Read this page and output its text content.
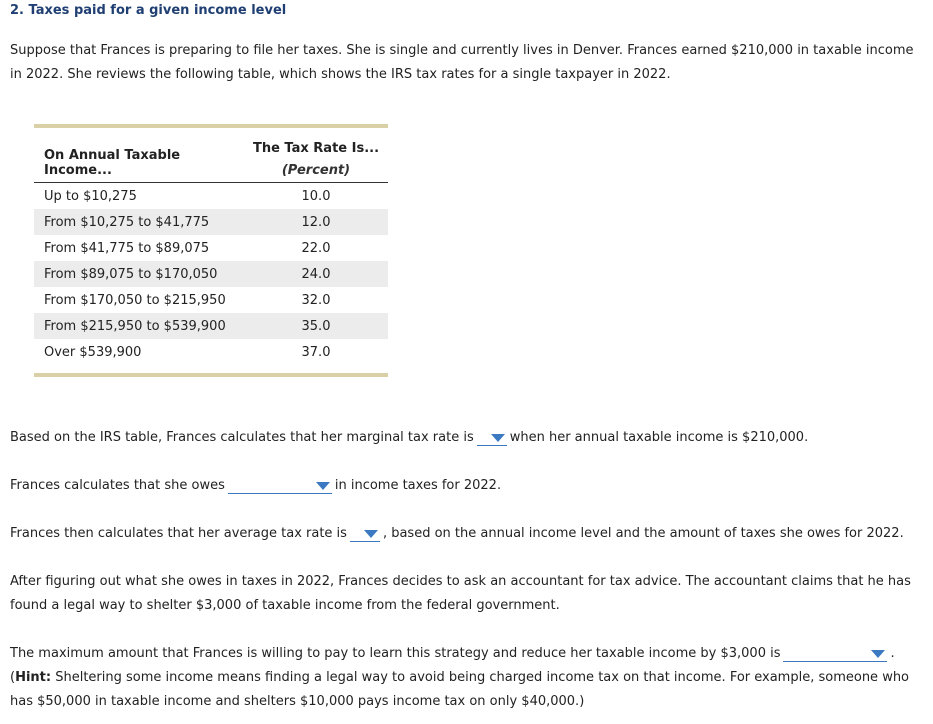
2. Taxes paid for a given income level
Suppose that Frances is preparing to file her taxes. She is single and currently lives in Denver. Frances earned $210,000 in taxable income in 2022. She reviews the following table, which shows the IRS tax rates for a single taxpayer in 2022.
On Annual Taxable Income...
The Tax Rate Is...
(Percent)
Up to $10,275	10.0
From $10,275 to $41,775	12.0
From $41,775 to $89,075	22.0
From $89,075 to $170,050	24.0
From $170,050 to $215,950	32.0
From $215,950 to $539,900	35.0
Over $539,900	37.0
Based on the IRS table, Frances calculates that her marginal tax rate is	when her annual taxable income is $210,000.
Frances calculates that she owes	in income taxes for 2022.
Frances then calculates that her average tax rate is	, based on the annual income level and the amount of taxes she owes for 2022.
After figuring out what she owes in taxes in 2022, Frances decides to ask an accountant for tax advice. The accountant claims that he has found a legal way to shelter $3,000 of taxable income from the federal government.
The maximum amount that Frances is willing to pay to learn this strategy and reduce her taxable income by $3,000 is	. (Hint: Sheltering some income means finding a legal way to avoid being charged income tax on that income. For example, someone who has $50,000 in taxable income and shelters $10,000 pays income tax on only $40,000.)
